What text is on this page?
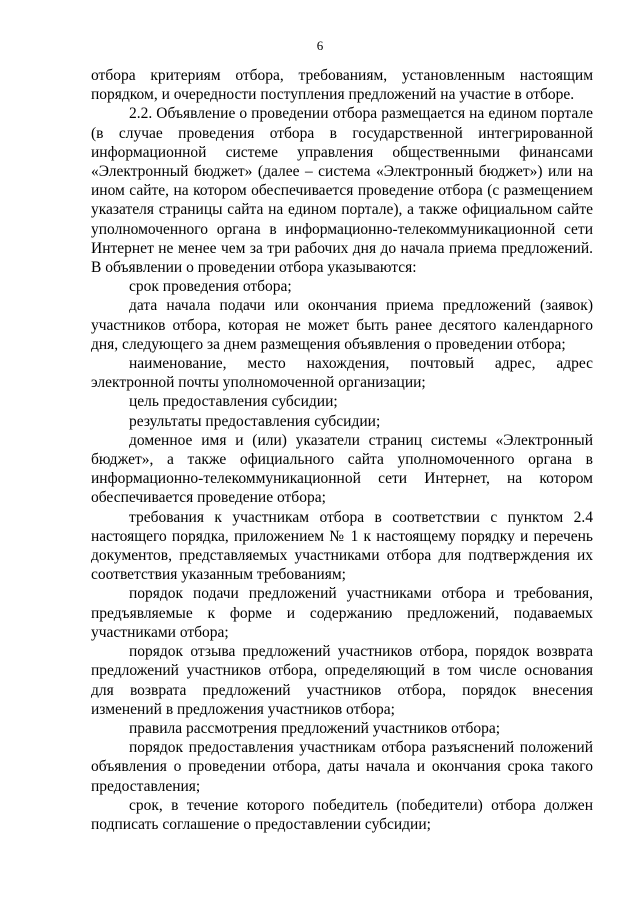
6

отбора критериям отбора, требованиям, установленным настоящим порядком, и очередности поступления предложений на участие в отборе.

2.2. Объявление о проведении отбора размещается на едином портале (в случае проведения отбора в государственной интегрированной информационной системе управления общественными финансами «Электронный бюджет» (далее – система «Электронный бюджет») или на ином сайте, на котором обеспечивается проведение отбора (с размещением указателя страницы сайта на едином портале), а также официальном сайте уполномоченного органа в информационно-телекоммуникационной сети Интернет не менее чем за три рабочих дня до начала приема предложений. В объявлении о проведении отбора указываются:

срок проведения отбора;

дата начала подачи или окончания приема предложений (заявок) участников отбора, которая не может быть ранее десятого календарного дня, следующего за днем размещения объявления о проведении отбора;

наименование, место нахождения, почтовый адрес, адрес электронной почты уполномоченной организации;

цель предоставления субсидии;

результаты предоставления субсидии;

доменное имя и (или) указатели страниц системы «Электронный бюджет», а также официального сайта уполномоченного органа в информационно-телекоммуникационной сети Интернет, на котором обеспечивается проведение отбора;

требования к участникам отбора в соответствии с пунктом 2.4 настоящего порядка, приложением № 1 к настоящему порядку и перечень документов, представляемых участниками отбора для подтверждения их соответствия указанным требованиям;

порядок подачи предложений участниками отбора и требования, предъявляемые к форме и содержанию предложений, подаваемых участниками отбора;

порядок отзыва предложений участников отбора, порядок возврата предложений участников отбора, определяющий в том числе основания для возврата предложений участников отбора, порядок внесения изменений в предложения участников отбора;

правила рассмотрения предложений участников отбора;

порядок предоставления участникам отбора разъяснений положений объявления о проведении отбора, даты начала и окончания срока такого предоставления;

срок, в течение которого победитель (победители) отбора должен подписать соглашение о предоставлении субсидии;
